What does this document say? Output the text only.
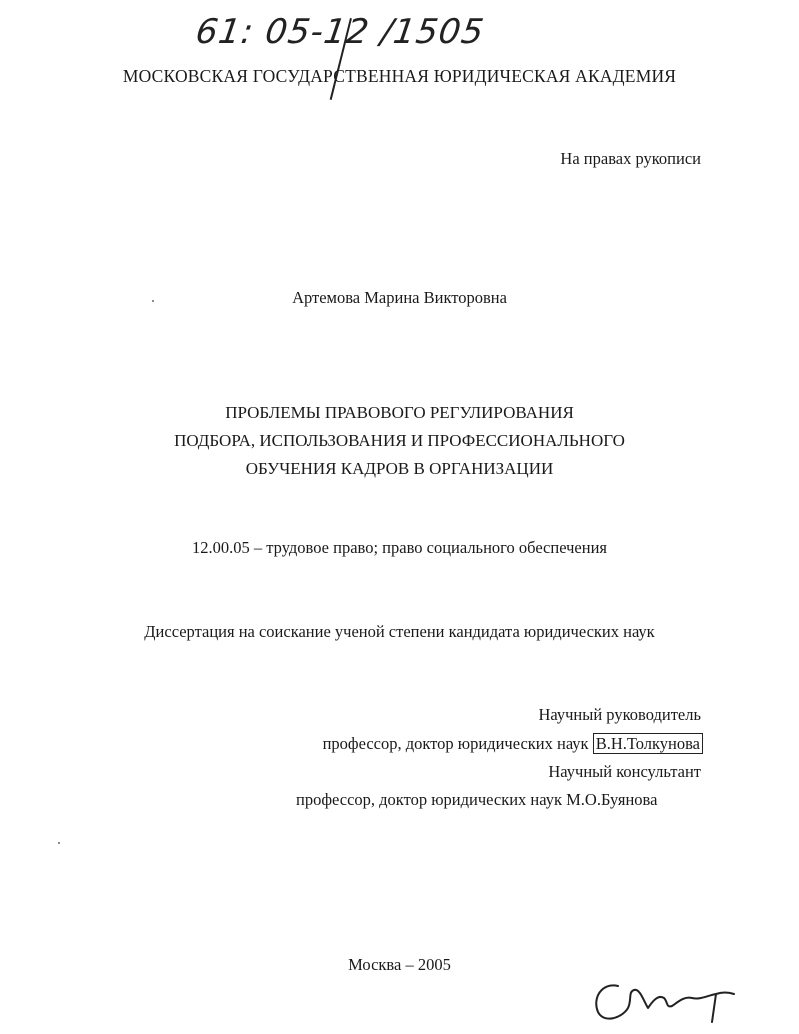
61: 05-12 /1505
МОСКОВСКАЯ ГОСУДАРСТВЕННАЯ ЮРИДИЧЕСКАЯ АКАДЕМИЯ
На правах рукописи
Артемова Марина Викторовна
ПРОБЛЕМЫ ПРАВОВОГО РЕГУЛИРОВАНИЯ
ПОДБОРА, ИСПОЛЬЗОВАНИЯ И ПРОФЕССИОНАЛЬНОГО
ОБУЧЕНИЯ КАДРОВ В ОРГАНИЗАЦИИ
12.00.05 – трудовое право; право социального обеспечения
Диссертация на соискание ученой степени кандидата юридических наук
Научный руководитель
профессор, доктор юридических наук В.Н.Толкунова
Научный консультант
профессор, доктор юридических наук М.О.Буянова
Москва – 2005
